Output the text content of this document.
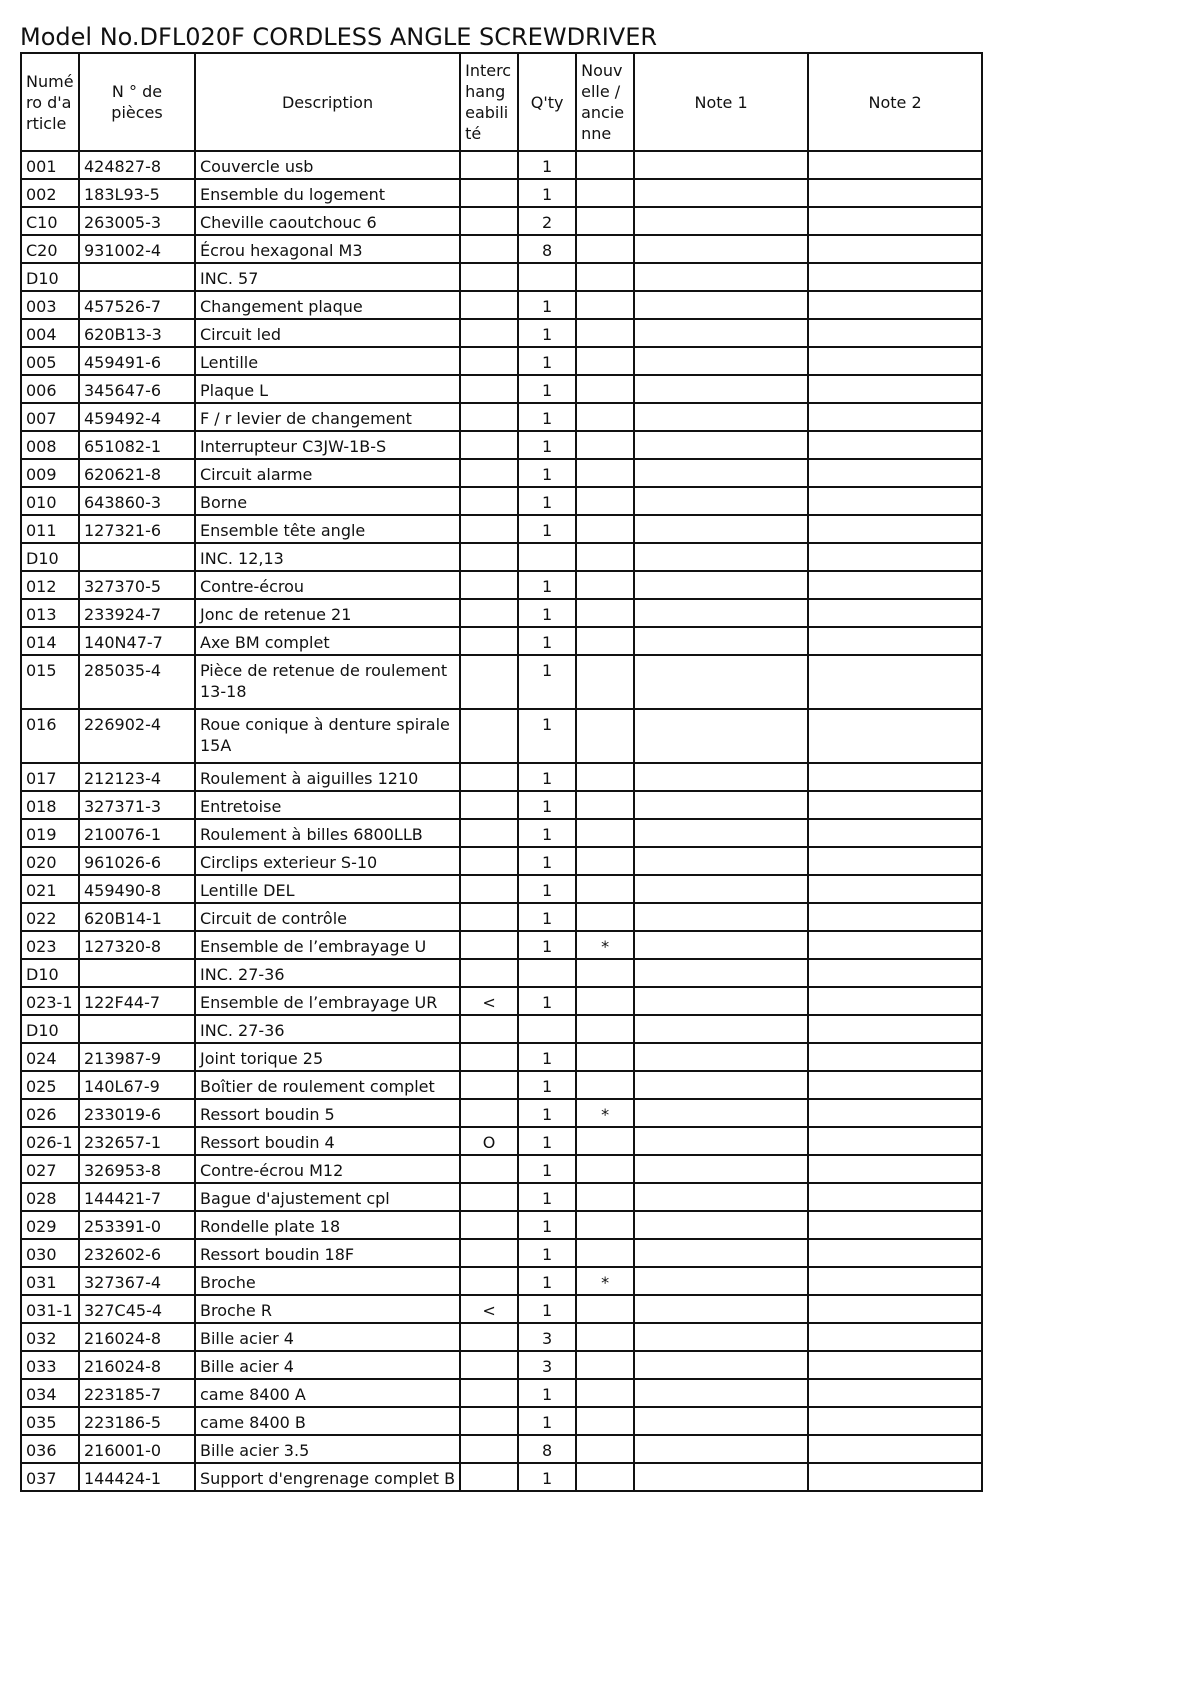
Model No.DFL020F CORDLESS ANGLE SCREWDRIVER
Numéro d'article	N ° de pièces	Description	Interchangeabilité	Q'ty	Nouvelle / ancienne	Note 1	Note 2
001	424827-8	Couvercle usb		1			
002	183L93-5	Ensemble du logement		1			
C10	263005-3	Cheville caoutchouc 6		2			
C20	931002-4	Écrou hexagonal M3		8			
D10		INC. 57					
003	457526-7	Changement plaque		1			
004	620B13-3	Circuit led		1			
005	459491-6	Lentille		1			
006	345647-6	Plaque L		1			
007	459492-4	F / r levier de changement		1			
008	651082-1	Interrupteur C3JW-1B-S		1			
009	620621-8	Circuit alarme		1			
010	643860-3	Borne		1			
011	127321-6	Ensemble tête angle		1			
D10		INC. 12,13					
012	327370-5	Contre-écrou		1			
013	233924-7	Jonc de retenue 21		1			
014	140N47-7	Axe BM complet		1			
015	285035-4	Pièce de retenue de roulement 13-18		1			
016	226902-4	Roue conique à denture spirale 15A		1			
017	212123-4	Roulement à aiguilles 1210		1			
018	327371-3	Entretoise		1			
019	210076-1	Roulement à billes 6800LLB		1			
020	961026-6	Circlips exterieur S-10		1			
021	459490-8	Lentille DEL		1			
022	620B14-1	Circuit de contrôle		1			
023	127320-8	Ensemble de l’embrayage U		1	*		
D10		INC. 27-36					
023-1	122F44-7	Ensemble de l’embrayage UR	<	1			
D10		INC. 27-36					
024	213987-9	Joint torique 25		1			
025	140L67-9	Boîtier de roulement complet		1			
026	233019-6	Ressort boudin 5		1	*		
026-1	232657-1	Ressort boudin 4	O	1			
027	326953-8	Contre-écrou M12		1			
028	144421-7	Bague d'ajustement cpl		1			
029	253391-0	Rondelle plate 18		1			
030	232602-6	Ressort boudin 18F		1			
031	327367-4	Broche		1	*		
031-1	327C45-4	Broche R	<	1			
032	216024-8	Bille acier 4		3			
033	216024-8	Bille acier 4		3			
034	223185-7	came 8400 A		1			
035	223186-5	came 8400 B		1			
036	216001-0	Bille acier 3.5		8			
037	144424-1	Support d'engrenage complet B		1			
